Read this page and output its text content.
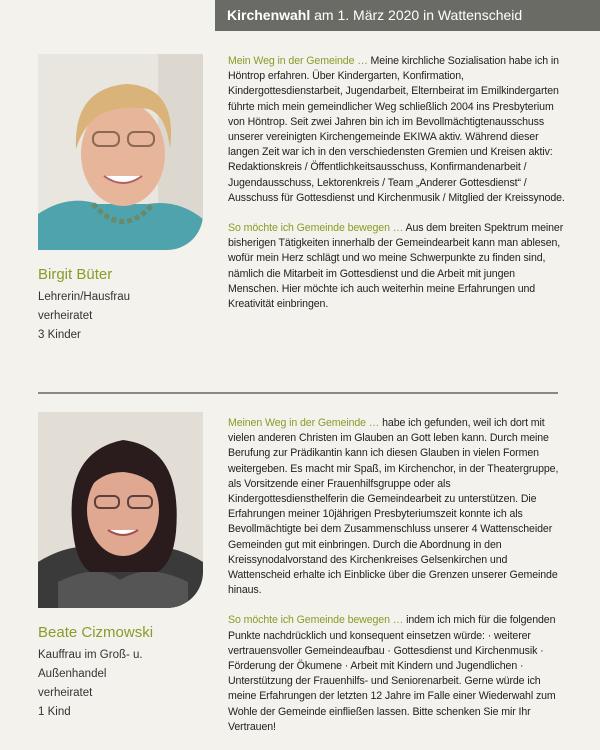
Kirchenwahl am 1. März 2020 in Wattenscheid
Birgit Büter
Lehrerin/Hausfrau
verheiratet
3 Kinder

Mein Weg in der Gemeinde … Meine kirchliche Sozialisation habe ich in Höntrop erfahren. Über Kindergarten, Konfirmation, Kindergottesdienstarbeit, Jugendarbeit, Elternbeirat im Emilkindergarten führte mich mein gemeindlicher Weg schließlich 2004 ins Presbyterium von Höntrop. Seit zwei Jahren bin ich im Bevollmächtigtenausschuss unserer vereinigten Kirchengemeinde EKIWA aktiv. Während dieser langen Zeit war ich in den verschiedensten Gremien und Kreisen aktiv: Redaktionskreis / Öffentlichkeitsausschuss, Konfirmandenarbeit / Jugendausschuss, Lektorenkreis / Team „Anderer Gottesdienst“ / Ausschuss für Gottesdienst und Kirchenmusik / Mitglied der Kreissynode.

So möchte ich Gemeinde bewegen … Aus dem breiten Spektrum meiner bisherigen Tätigkeiten innerhalb der Gemeindearbeit kann man ablesen, wofür mein Herz schlägt und wo meine Schwerpunkte zu finden sind, nämlich die Mitarbeit im Gottesdienst und die Arbeit mit jungen Menschen. Hier möchte ich auch weiterhin meine Erfahrungen und Kreativität einbringen.

Beate Cizmowski
Kauffrau im Groß- u. Außenhandel
verheiratet
1 Kind

Meinen Weg in der Gemeinde … habe ich gefunden, weil ich dort mit vielen anderen Christen im Glauben an Gott leben kann. Durch meine Berufung zur Prädikantin kann ich diesen Glauben in vielen Formen weitergeben. Es macht mir Spaß, im Kirchenchor, in der Theatergruppe, als Vorsitzende einer Frauenhilfsgruppe oder als Kindergottesdiensthelferin die Gemeindearbeit zu unterstützen. Die Erfahrungen meiner 10jährigen Presbyteriumszeit konnte ich als Bevollmächtigte bei dem Zusammenschluss unserer 4 Wattenscheider Gemeinden gut mit einbringen. Durch die Abordnung in den Kreissynodalvorstand des Kirchenkreises Gelsenkirchen und Wattenscheid erhalte ich Einblicke über die Grenzen unserer Gemeinde hinaus.

So möchte ich Gemeinde bewegen … indem ich mich für die folgenden Punkte nachdrücklich und konsequent einsetzen würde: · weiterer vertrauensvoller Gemeindeaufbau · Gottesdienst und Kirchenmusik · Förderung der Ökumene · Arbeit mit Kindern und Jugendlichen · Unterstützung der Frauenhilfs- und Seniorenarbeit. Gerne würde ich meine Erfahrungen der letzten 12 Jahre im Falle einer Wiederwahl zum Wohle der Gemeinde einfließen lassen. Bitte schenken Sie mir Ihr Vertrauen!
